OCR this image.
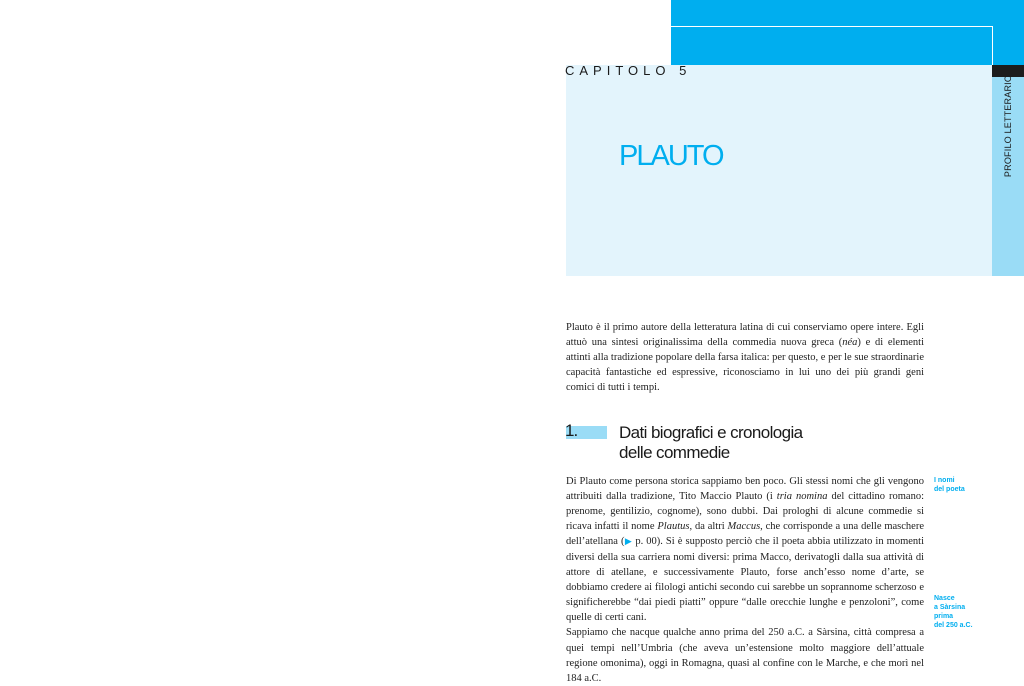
PROFILO LETTERARIO
CAPITOLO 5
PLAUTO

Plauto è il primo autore della letteratura latina di cui conserviamo opere intere. Egli attuò una sintesi originalissima della commedia nuova greca (néa) e di elementi attinti alla tradizione popolare della farsa italica: per questo, e per le sue straordinarie capacità fantastiche ed espressive, riconosciamo in lui uno dei più grandi geni comici di tutti i tempi.

1. Dati biografici e cronologia
delle commedie

Di Plauto come persona storica sappiamo ben poco. Gli stessi nomi che gli vengono attribuiti dalla tradizione, Tito Maccio Plauto (i tria nomina del cittadino romano: prenome, gentilizio, cognome), sono dubbi. Dai prologhi di alcune commedie si ricava infatti il nome Plautus, da altri Maccus, che corrisponde a una delle maschere dell’atellana (▶ p. 00). Si è supposto perciò che il poeta abbia utilizzato in momenti diversi della sua carriera nomi diversi: prima Macco, derivatogli dalla sua attività di attore di atellane, e successivamente Plauto, forse anch’esso nome d’arte, se dobbiamo credere ai filologi antichi secondo cui sarebbe un soprannome scherzoso e significherebbe “dai piedi piatti” oppure “dalle orecchie lunghe e penzoloni”, come quelle di certi cani.

Sappiamo che nacque qualche anno prima del 250 a.C. a Sàrsina, città compresa a quei tempi nell’Umbria (che aveva un’estensione molto maggiore dell’attuale regione omonima), oggi in Romagna, quasi al confine con le Marche, e che morì nel 184 a.C.

I nomi
del poeta
Nasce
a Sàrsina
prima
del 250 a.C.
